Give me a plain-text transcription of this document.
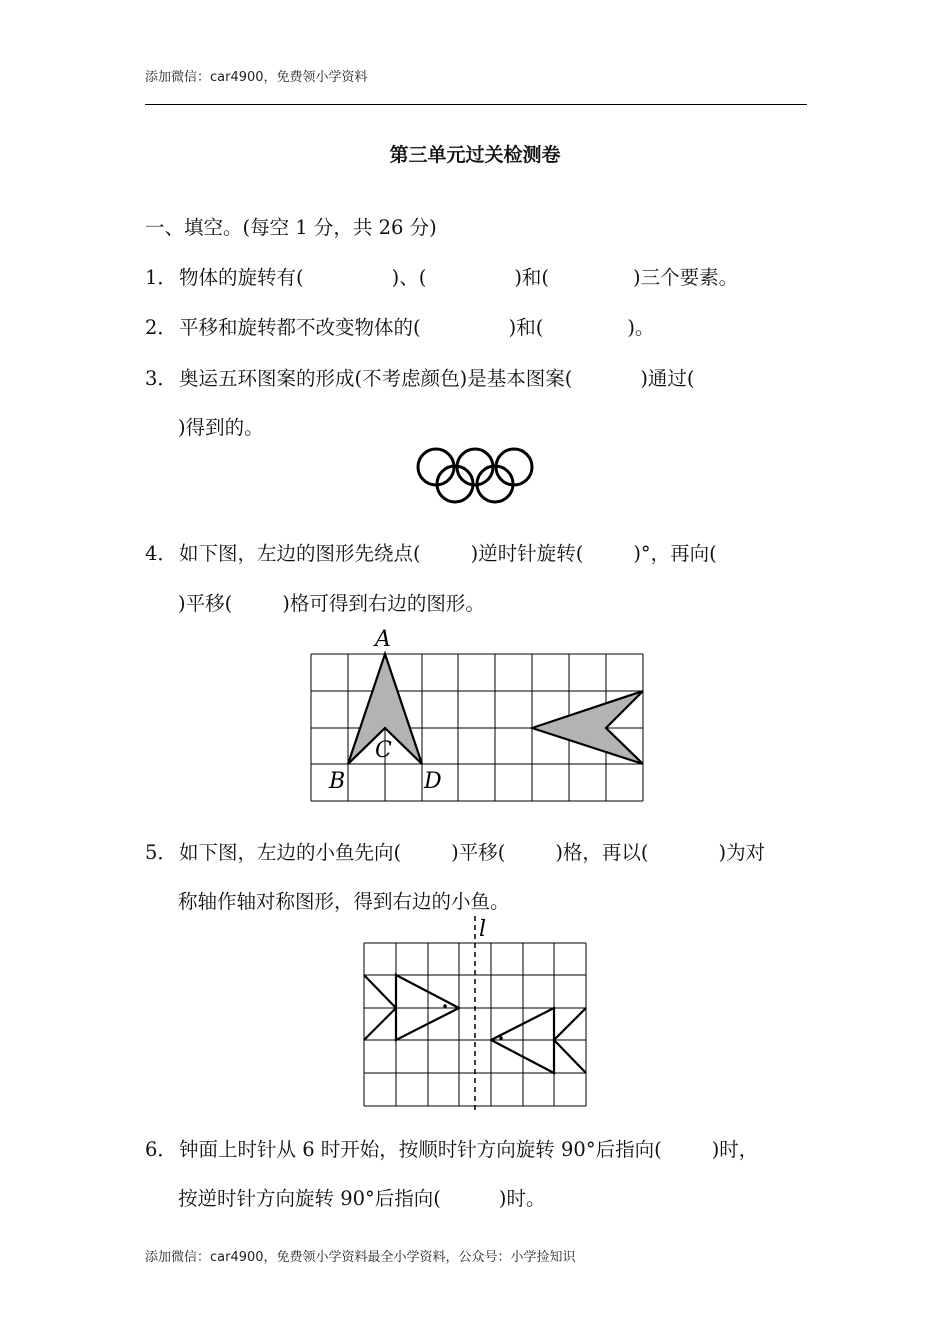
添加微信：car4900，免费领小学资料
第三单元过关检测卷
一、填空。(每空 1 分，共 26 分)
1． 物体的旋转有(	)、(	)和(	)三个要素。
2． 平移和旋转都不改变物体的(	)和(	)。
3． 奥运五环图案的形成(不考虑颜色)是基本图案(	)通过(
)得到的。
4． 如下图，左边的图形先绕点(	)逆时针旋转(	)°，再向(
)平移(	)格可得到右边的图形。
A
B
C
D
5． 如下图，左边的小鱼先向(	)平移(	)格，再以(	)为对
称轴作轴对称图形，得到右边的小鱼。
l
6． 钟面上时针从 6 时开始，按顺时针方向旋转 90°后指向(	)时，
按逆时针方向旋转 90°后指向(	)时。
添加微信：car4900，免费领小学资料最全小学资料，公众号：小学捡知识
